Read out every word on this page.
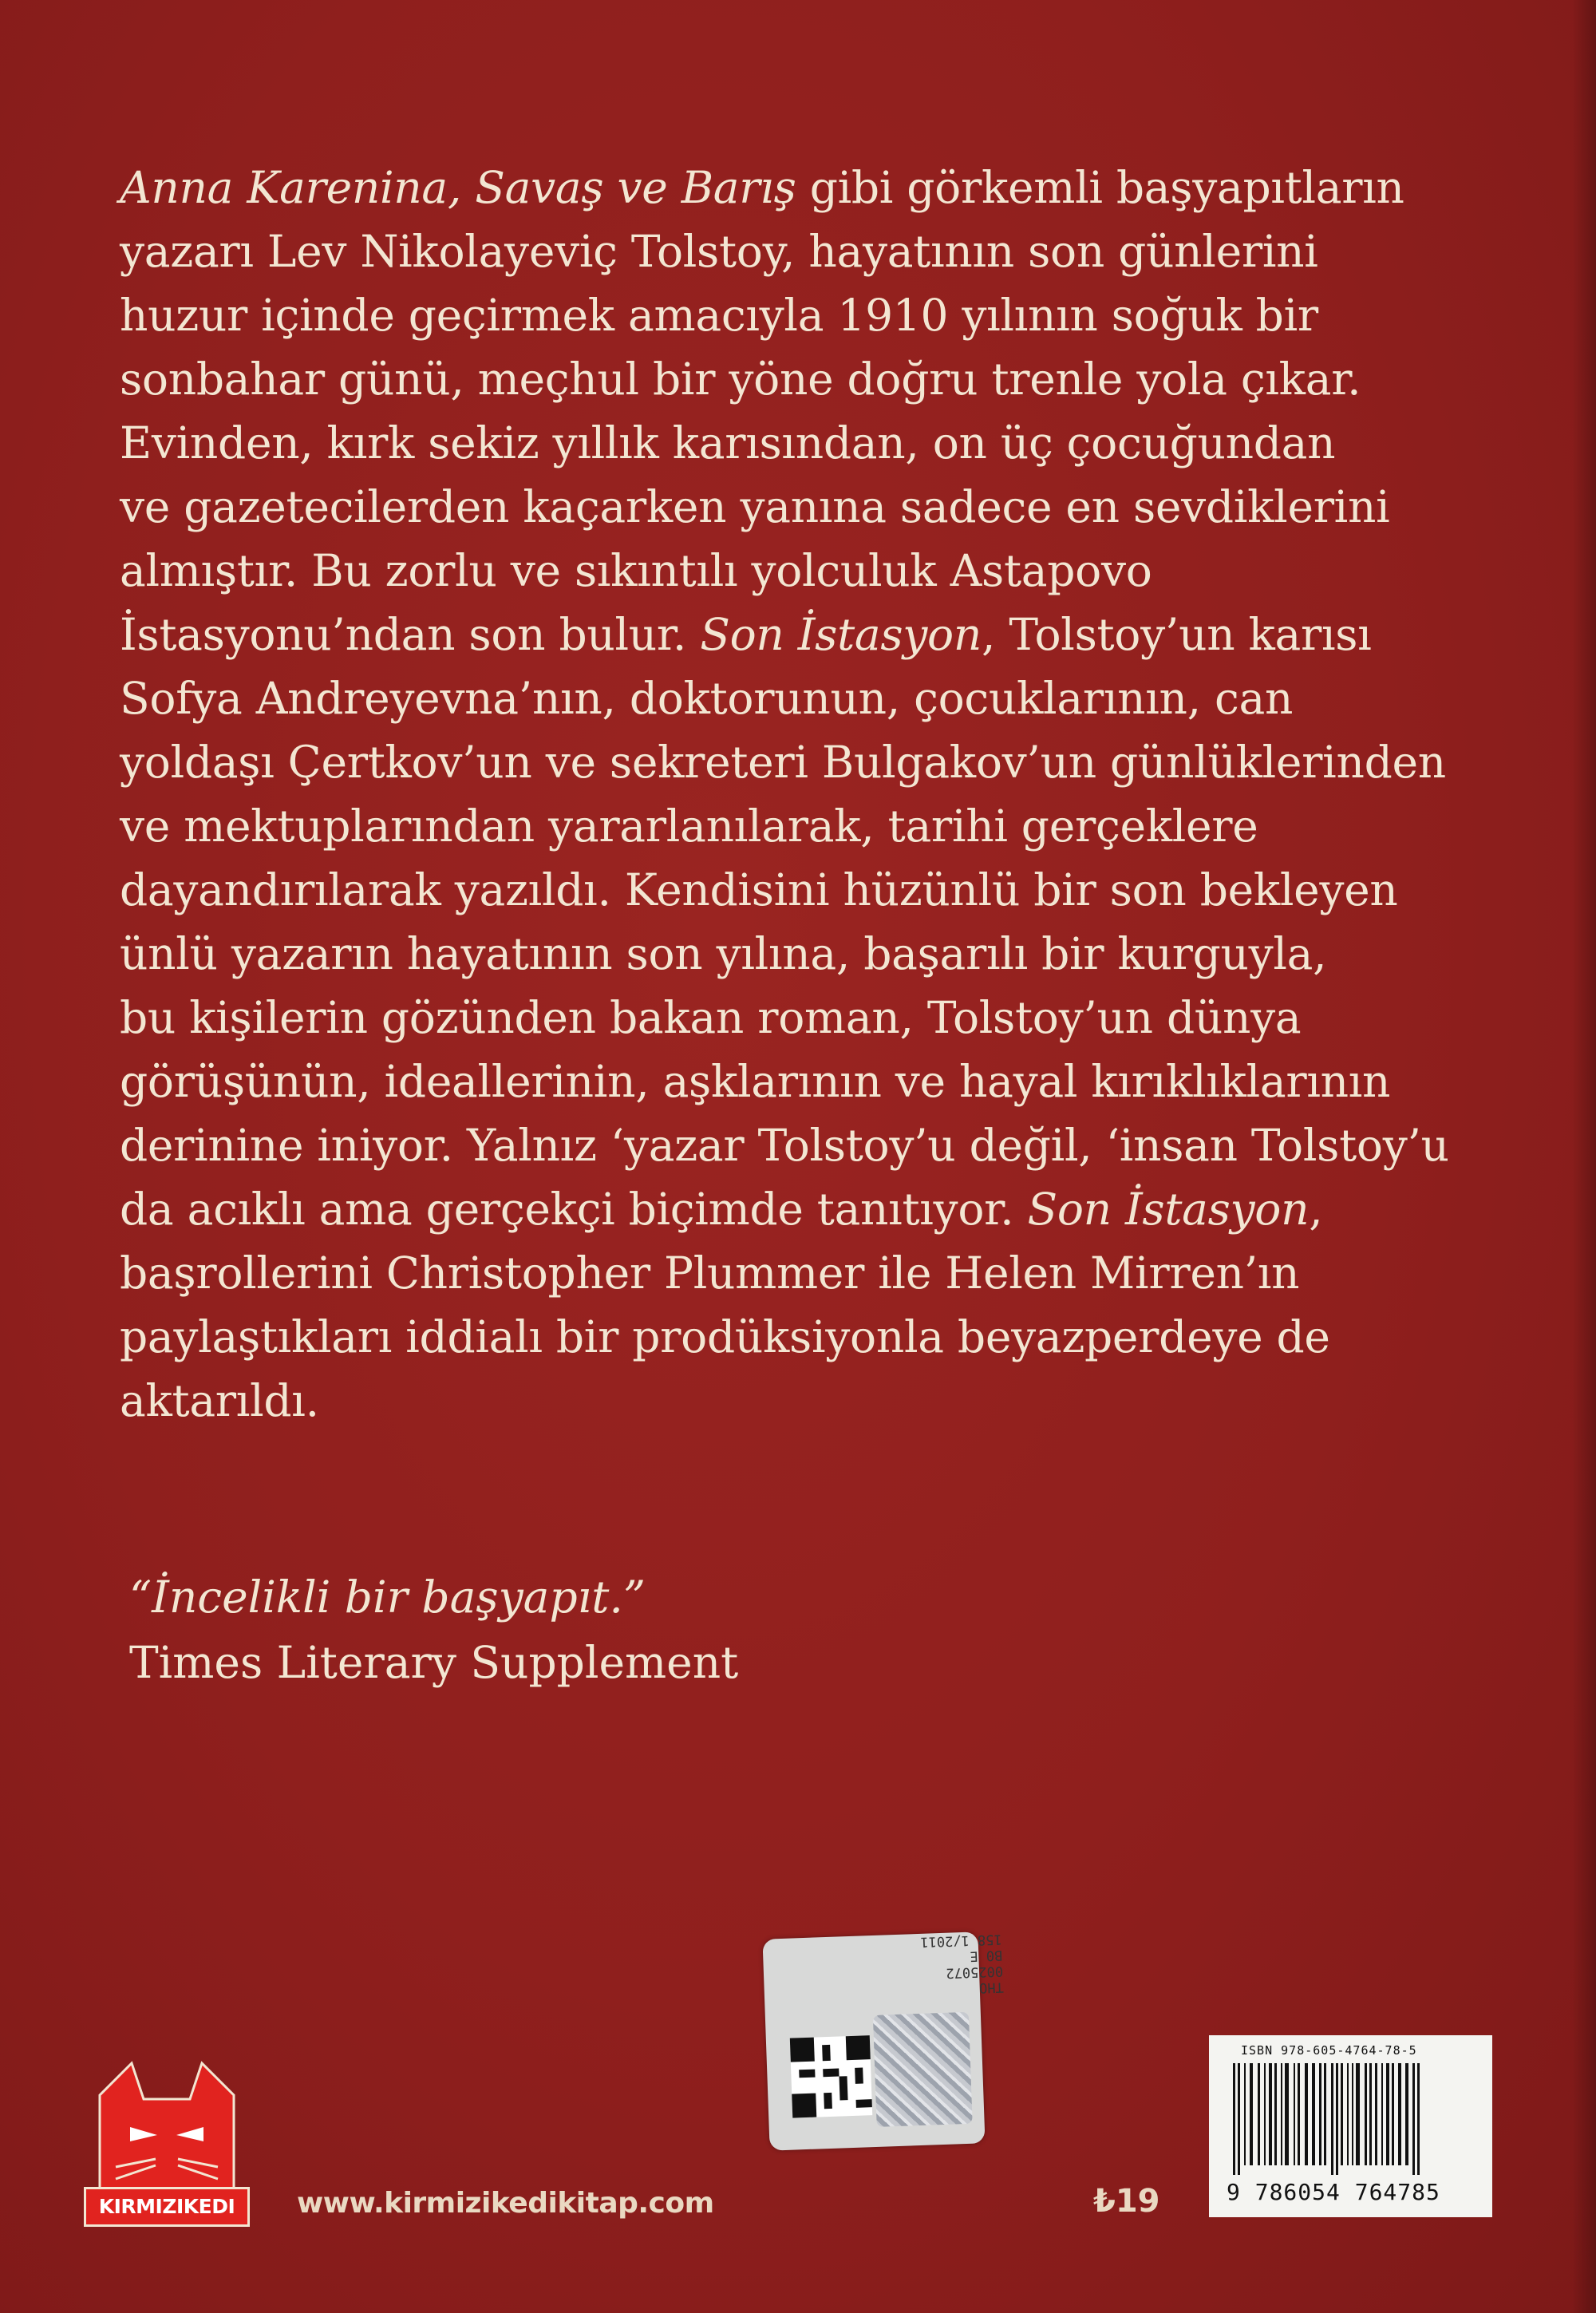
Anna Karenina, Savaş ve Barış gibi görkemli başyapıtların
yazarı Lev Nikolayeviç Tolstoy, hayatının son günlerini
huzur içinde geçirmek amacıyla 1910 yılının soğuk bir
sonbahar günü, meçhul bir yöne doğru trenle yola çıkar.
Evinden, kırk sekiz yıllık karısından, on üç çocuğundan
ve gazetecilerden kaçarken yanına sadece en sevdiklerini
almıştır. Bu zorlu ve sıkıntılı yolculuk Astapovo
İstasyonu’ndan son bulur. Son İstasyon, Tolstoy’un karısı
Sofya Andreyevna’nın, doktorunun, çocuklarının, can
yoldaşı Çertkov’un ve sekreteri Bulgakov’un günlüklerinden
ve mektuplarından yararlanılarak, tarihi gerçeklere
dayandırılarak yazıldı. Kendisini hüzünlü bir son bekleyen
ünlü yazarın hayatının son yılına, başarılı bir kurguyla,
bu kişilerin gözünden bakan roman, Tolstoy’un dünya
görüşünün, ideallerinin, aşklarının ve hayal kırıklıklarının
derinine iniyor. Yalnız ‘yazar Tolstoy’u değil, ‘insan Tolstoy’u
da acıklı ama gerçekçi biçimde tanıtıyor. Son İstasyon,
başrollerini Christopher Plummer ile Helen Mirren’ın
paylaştıkları iddialı bir prodüksiyonla beyazperdeye de
aktarıldı.
“İncelikli bir başyapıt.”
Times Literary Supplement
KIRMIZIKEDI	www.kirmizikedikitap.com	₺19
THO
0025072
B0 E
158 1/2011
ISBN 978-605-4764-78-5
9 786054 764785
